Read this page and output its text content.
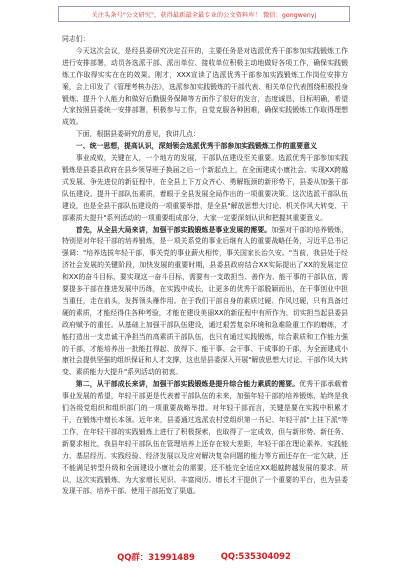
关注头条号"公文研究"，获得最新最全最专业的公文资料库！ 微信：gongwenyj

同志们：

今天这次会议，是经县委研究决定召开的，主要任务是对选派优秀干部参加实践锻炼工作进行安排部署，动员各选派干部、派出单位、接收单位积极主动地做好各项工作，确保实践锻炼工作取得实实在在的效果。刚才，XXX宣读了选派优秀干部参加实践锻炼工作岗位安排方案，会上印发了《管理考核办法》，选派参加实践锻炼的干部代表、相关单位代表围绕积极投身锻炼、提升个人能力和做好后勤服务保障等方面作了很好的发言，态度诚恳，目标明确，希望大家按照县委统一安排部署，积极参与工作，自觉克服各种困难，确保实践锻炼工作取得理想成效。

下面，根据县委研究的意见，我讲几点：

一、统一思想，提高认识，深刻领会选派优秀干部参加实践锻炼工作的重要意义

事业成败，关键在人，一个地方的发展，干部队伍建设至关重要。选派优秀干部参加实践锻炼是县委县政府在县乡领导班子换届之后一个新起点上，在全面建成小康社会、实现XX跨越式发展、争先进位的新征程中，在全县上下万众齐心、勇解瓶颈的新形势下，县委从加强干部队伍建设、提升干部队伍素质，着眼于全县发展全局作出的一项重要决策。这次选派干部队伍建设，也是全县干部队伍建设的一项重要举措，是全县"解放思想大讨论、机关作风大转变、干部素质大提升"系列活动的一项重要组成部分，大家一定要深刻认识和把握其重要意义。

首先，从全县大局来讲，加强干部实践锻炼是事业发展的需要。加强对干部的培养锻炼，特别是对年轻干部的培养锻炼，是一项关系党的事业后继有人的重要战略任务，习近平总书记强调："培养选拔年轻干部，事关党的事业薪火相传，事关国家长治久安。"当前，我县处于经济社会发展的关键阶段，加快发展的重要时期，县委县政府结合XX实际提出了XX的发展定位和XX的奋斗目标，要实现这一奋斗目标，需要有一支敢担当、善作为、能干事的干部队伍，需要提多干部在推进发展中历练，在实践中成长，让更多的优秀干部脱颖而出，在干事创业中担当重任，走在前头，发挥领头雁作用。在于我们干部自身的素质过硬、作风过硬，只有具备过硬的素质，才能经得住各种考验，才能在建设美丽XX的新征程中有所作为，切实担当起县委县政府赋予的重任。从基础上加强干部队伍建设，通过艰苦复杂环境和急难险重工作的磨练，才能打造出一支忠诚干净担当的高素质干部队伍，也只有通过实践锻炼，综合素质和工作能力强的干部，才能培养出一批能扛得起、放得下、能干事、会干事、干成事的干部，为全面建成小康社会提供坚强的组织保证和人才支撑，这也是县委深入开展"解放思想大讨论、干部作风大转变、素质能力大提升"系列活动的初衷。

第二，从干部成长来讲，加强干部实践锻炼是提升综合能力素质的需要。优秀干部承载着事业发展的希望，年轻干部更是代表着干部队伍的未来，加强年轻干部的培养锻炼，始终是我们各级党组织和组织部门的一项重要战略举措。对年轻干部而言，关键是要在实践中积累才干，在锻炼中增长本领。近年来，县委通过选派农村党组织第一书记、年轻干部"上挂下派"等工作，在年轻干部的实践锻炼上进行了积极探索，也取得了一定成效，但与新形势、新任务、新要求相比，我县年轻干部队伍在管理培养上还存在较大差距，年轻干部在理论素养、实践能力、基层经历、实践经验、经济发展以及应对解决复杂问题的能力等方面还存在一定欠缺，还不能满足转型升级和全面建设小康社会的需要，还不能完全适应XX超越跨越发展的要求。所以，这次实践锻炼，为大家增长见识、丰富阅历、增长才干提供了一个重要的平台，也为县委发现干部、培养干部、使用干部拓宽了渠道。

QQ群：31991489	QQ:535304092
